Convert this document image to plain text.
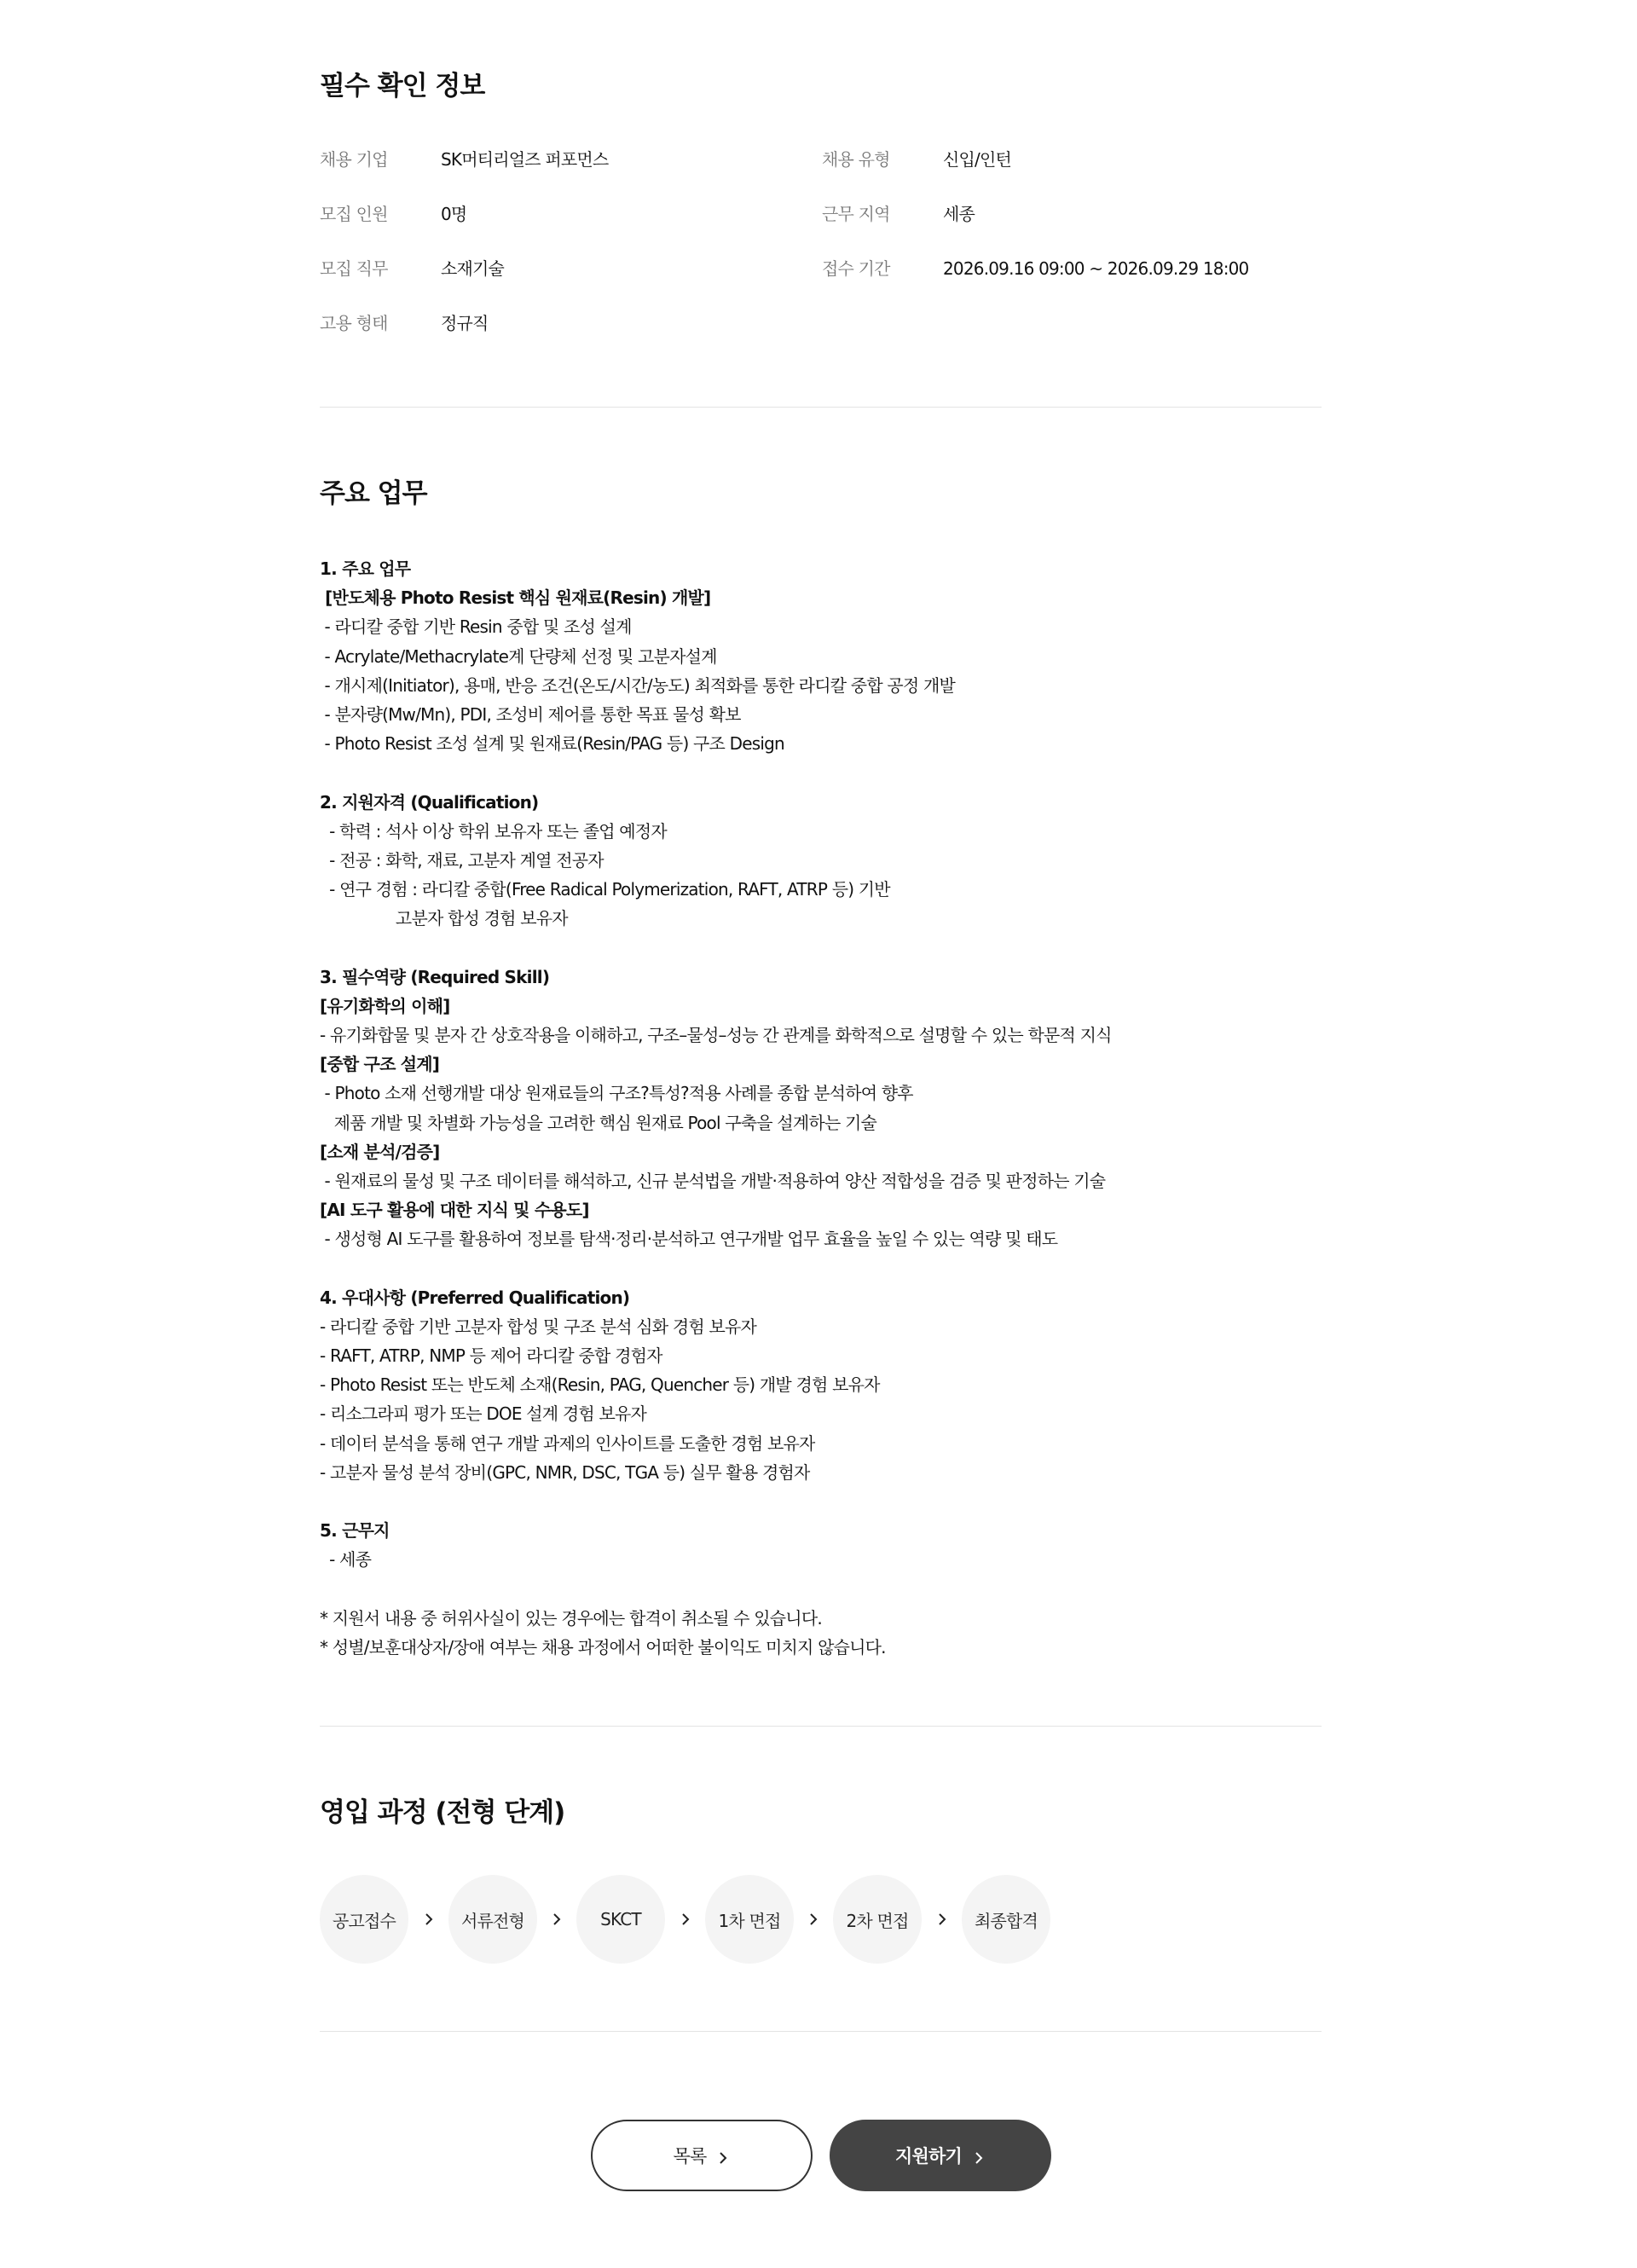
필수 확인 정보
채용 기업	SK머티리얼즈 퍼포먼스	채용 유형	신입/인턴
모집 인원	0명	근무 지역	세종
모집 직무	소재기술	접수 기간	2026.09.16 09:00 ~ 2026.09.29 18:00
고용 형태	정규직
주요 업무
1. 주요 업무
[반도체용 Photo Resist 핵심 원재료(Resin) 개발]
- 라디칼 중합 기반 Resin 중합 및 조성 설계
- Acrylate/Methacrylate계 단량체 선정 및 고분자설계
- 개시제(Initiator), 용매, 반응 조건(온도/시간/농도) 최적화를 통한 라디칼 중합 공정 개발
- 분자량(Mw/Mn), PDI, 조성비 제어를 통한 목표 물성 확보
- Photo Resist 조성 설계 및 원재료(Resin/PAG 등) 구조 Design
2. 지원자격 (Qualification)
- 학력 : 석사 이상 학위 보유자 또는 졸업 예정자
- 전공 : 화학, 재료, 고분자 계열 전공자
- 연구 경험 : 라디칼 중합(Free Radical Polymerization, RAFT, ATRP 등) 기반
고분자 합성 경험 보유자
3. 필수역량 (Required Skill)
[유기화학의 이해]
- 유기화합물 및 분자 간 상호작용을 이해하고, 구조–물성–성능 간 관계를 화학적으로 설명할 수 있는 학문적 지식
[중합 구조 설계]
- Photo 소재 선행개발 대상 원재료들의 구조?특성?적용 사례를 종합 분석하여 향후
제품 개발 및 차별화 가능성을 고려한 핵심 원재료 Pool 구축을 설계하는 기술
[소재 분석/검증]
- 원재료의 물성 및 구조 데이터를 해석하고, 신규 분석법을 개발·적용하여 양산 적합성을 검증 및 판정하는 기술
[AI 도구 활용에 대한 지식 및 수용도]
- 생성형 AI 도구를 활용하여 정보를 탐색·정리·분석하고 연구개발 업무 효율을 높일 수 있는 역량 및 태도
4. 우대사항 (Preferred Qualification)
- 라디칼 중합 기반 고분자 합성 및 구조 분석 심화 경험 보유자
- RAFT, ATRP, NMP 등 제어 라디칼 중합 경험자
- Photo Resist 또는 반도체 소재(Resin, PAG, Quencher 등) 개발 경험 보유자
- 리소그라피 평가 또는 DOE 설계 경험 보유자
- 데이터 분석을 통해 연구 개발 과제의 인사이트를 도출한 경험 보유자
- 고분자 물성 분석 장비(GPC, NMR, DSC, TGA 등) 실무 활용 경험자
5. 근무지
- 세종
* 지원서 내용 중 허위사실이 있는 경우에는 합격이 취소될 수 있습니다.
* 성별/보훈대상자/장애 여부는 채용 과정에서 어떠한 불이익도 미치지 않습니다.
영입 과정 (전형 단계)
공고접수	서류전형	SKCT	1차 면접	2차 면접	최종합격
목록	지원하기
